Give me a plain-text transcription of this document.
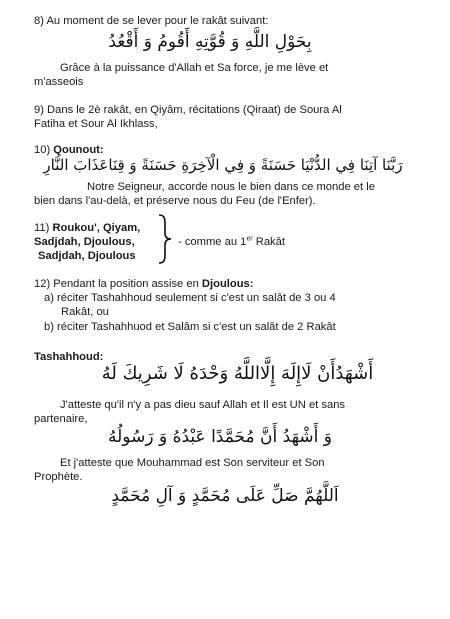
8) Au moment de se lever pour le rakât suivant:
بِحَوْلِ اللَّهِ وَ قُوَّتِهِ أَقُومُ وَ أَقْعُدُ
Grâce à la puissance d'Allah et Sa force, je me lève et
m'asseois
9) Dans le 2è rakât, en Qiyâm, récitations (Qiraat) de Soura Al
Fatiha et Sour Al Ikhlass,
10) Qounout:
رَبَّنَا آتِنَا فِي الدُّنْيَا حَسَنَةً وَ فِي الْآخِرَةِ حَسَنَةً وَ قِنَاعَذَابَ النَّارِ
Notre Seigneur, accorde nous le bien dans ce monde et le
bien dans l'au-delà, et préserve nous du Feu (de l'Enfer).
11) Roukou', Qiyam,
Sadjdah, Djoulous,
Sadjdah, Djoulous
- comme au 1er Rakât
12) Pendant la position assise en Djoulous:
a) réciter Tashahhoud seulement si c'est un salât de 3 ou 4
Rakât, ou
b) réciter Tashahhuod et Salâm si c'est un salât de 2 Rakât
Tashahhoud:
أَشْهَدُأَنْ لَاإِلَهَ إِلَّااللَّهُ وَحْدَهُ لَا شَرِيكَ لَهُ
J'atteste qu'il n'y a pas dieu sauf Allah et Il est UN et sans
partenaire,
وَ أَشْهَدُ أَنَّ مُحَمَّدًا عَبْدُهُ وَ رَسُولُهُ
Et j'atteste que Mouhammad est Son serviteur et Son
Prophète.
اَللَّهُمَّ صَلِّ عَلَى مُحَمَّدٍ وَ آلِ مُحَمَّدٍ
